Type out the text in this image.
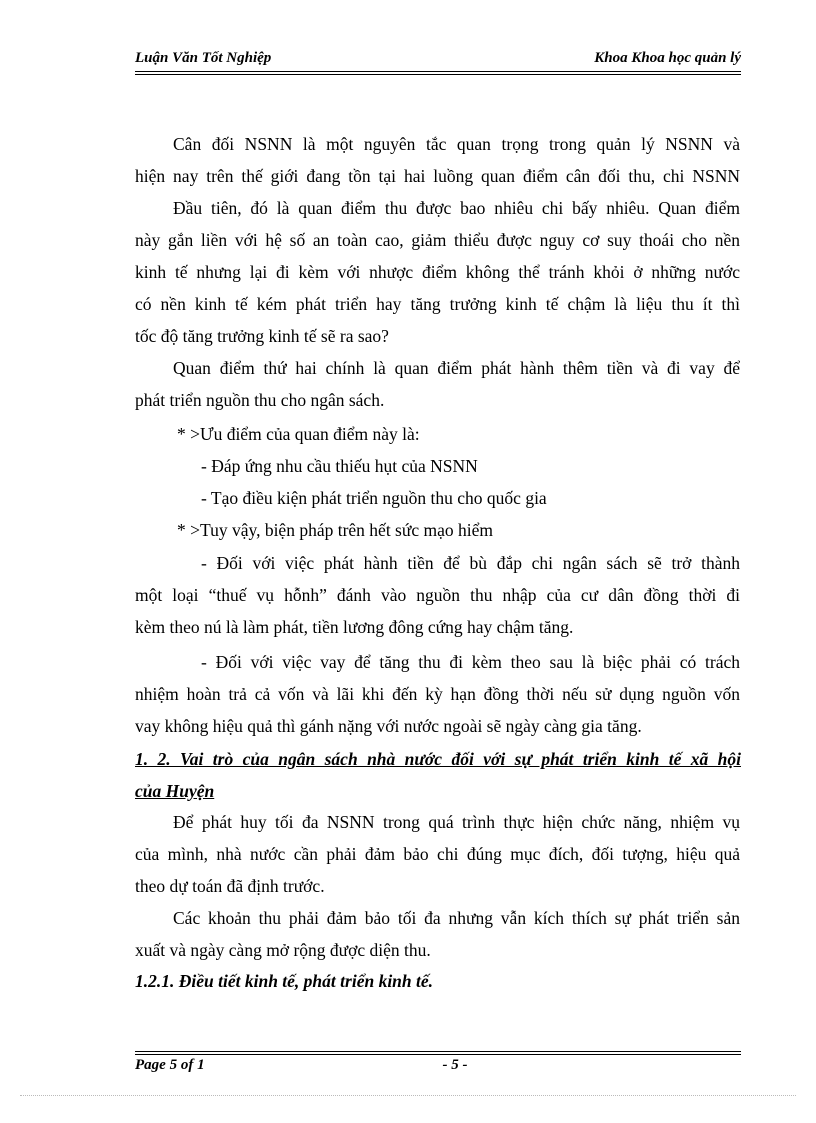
Luận Văn Tốt Nghiệp	Khoa Khoa học quản lý
Cân đối NSNN là một nguyên tắc quan trọng trong quản lý NSNN và
hiện nay trên thế giới đang tồn tại hai luồng quan điểm cân đối thu, chi NSNN
Đầu tiên, đó là quan điểm thu được bao nhiêu chi bấy nhiêu. Quan điểm
này gắn liền với hệ số an toàn cao, giảm thiểu được nguy cơ suy thoái cho nền
kinh tế nhưng lại đi kèm với nhược điểm không thể tránh khỏi ở những nước
có nền kinh tế kém phát triển hay tăng trưởng kinh tế chậm là liệu thu ít thì
tốc độ tăng trưởng kinh tế sẽ ra sao?
Quan điểm thứ hai chính là quan điểm phát hành thêm tiền và đi vay để
phát triển nguồn thu cho ngân sách.
* >Ưu điểm của quan điểm này là:
- Đáp ứng nhu cầu thiếu hụt của NSNN
- Tạo điều kiện phát triển nguồn thu cho quốc gia
* >Tuy vậy, biện pháp trên hết sức mạo hiểm
- Đối với việc phát hành tiền để bù đắp chi ngân sách sẽ trở thành
một loại “thuế vụ hỗnh” đánh vào nguồn thu nhập của cư dân đồng thời đi
kèm theo nú là làm phát, tiền lương đông cứng hay chậm tăng.
- Đối với việc vay để tăng thu đi kèm theo sau là biệc phải có trách
nhiệm hoàn trả cả vốn và lãi khi đến kỳ hạn đồng thời nếu sử dụng nguồn vốn
vay không hiệu quả thì gánh nặng với nước ngoài sẽ ngày càng gia tăng.
1. 2. Vai trò của ngân sách nhà nước đối với sự phát triển kinh tế xã hội
của Huyện
Để phát huy tối đa NSNN trong quá trình thực hiện chức năng, nhiệm vụ
của mình, nhà nước cần phải đảm bảo chi đúng mục đích, đối tượng, hiệu quả
theo dự toán đã định trước.
Các khoản thu phải đảm bảo tối đa nhưng vẫn kích thích sự phát triển sản
xuất và ngày càng mở rộng được diện thu.
1.2.1. Điều tiết kinh tế, phát triển kinh tế.
Page 5 of 1	- 5 -
